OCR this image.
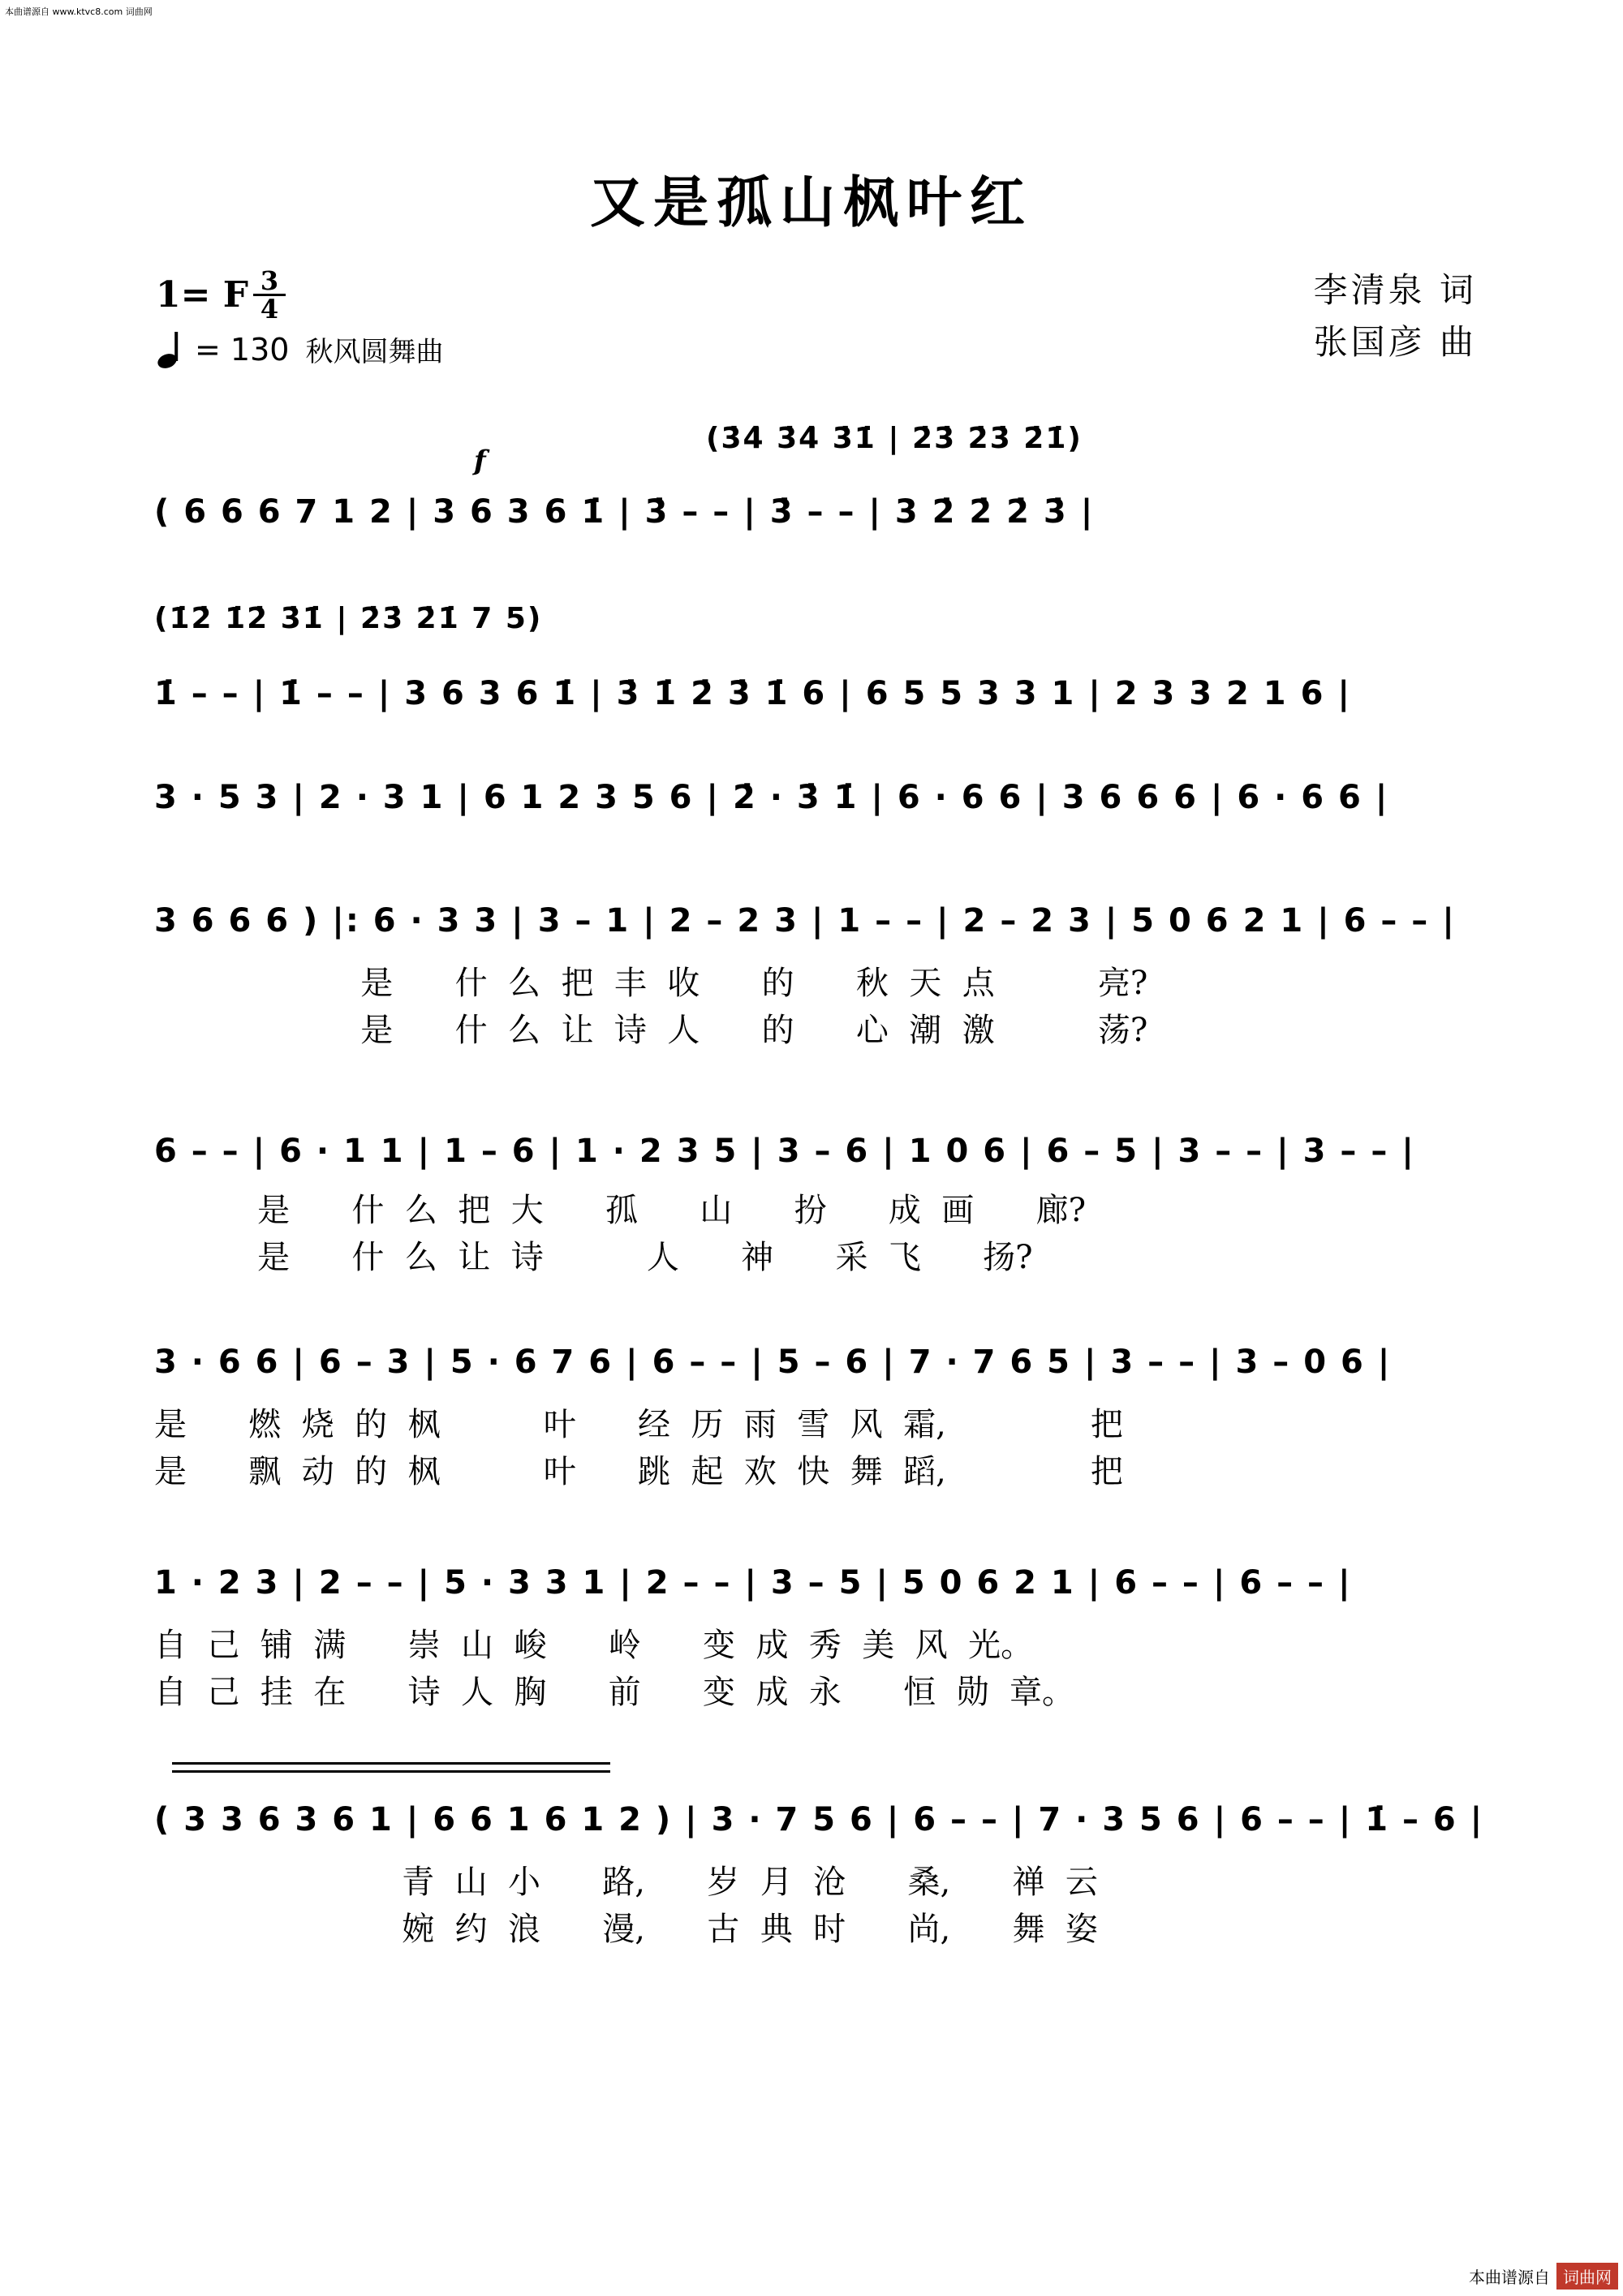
本曲谱源自 www.ktvc8.com 词曲网
又是孤山枫叶红
1= F $\frac{3}{4}$
= 130 秋风圆舞曲
李清泉 词
张国彦 曲
(3̇4̇ 3̇4̇ 3̇1̇ | 2̇3̇ 2̇3̇ 2̇1̇)
f
( 6 6 6 7 1 2 | 3 6 3 6 1̇ | 3̇ – – | 3̇ – – | 3 2̇ 2̇ 2̇ 3̇ |
(1̇2̇ 1̇2̇ 3̇1̇ | 2̇3̇ 2̇1̇ 7 5)
1̇ – – | 1̇ – – | 3 6 3 6 1̇ | 3̇ 1̇ 2̇ 3̇ 1̇ 6 | 6 5 5 3 3 1 | 2 3 3 2 1 6 |
3 · 5 3 | 2 · 3 1 | 6 1 2 3 5 6 | 2̇ · 3̇ 1̇ | 6 · 6 6 | 3 6 6 6 | 6 · 6 6 |
3 6 6 6 ) |: 6 · 3 3 | 3 – 1 | 2 – 2 3 | 1 – – | 2 – 2 3 | 5 0 6 2 1 | 6 – – |
是      什  么  把  丰  收      的      秋  天  点          亮?
是      什  么  让  诗  人      的      心  潮  激          荡?
6 – – | 6 · 1 1 | 1 – 6 | 1 · 2 3 5 | 3 – 6 | 1 0 6 | 6 – 5 | 3 – – | 3 – – |
是      什  么  把  大      孤      山      扮      成  画      廊?
是      什  么  让  诗          人      神      采  飞      扬?
3 · 6 6 | 6 – 3 | 5 · 6 7 6 | 6 – – | 5 – 6 | 7 · 7 6 5 | 3 – – | 3 – 0 6 |
是      燃  烧  的  枫          叶      经  历  雨  雪  风  霜,              把
是      飘  动  的  枫          叶      跳  起  欢  快  舞  蹈,              把
1 · 2 3 | 2 – – | 5 · 3 3 1 | 2 – – | 3 – 5 | 5 0 6 2 1 | 6 – – | 6 – – |
自  己  铺  满      崇  山  峻      岭      变  成  秀  美  风  光。
自  己  挂  在      诗  人  胸      前      变  成  永      恒  勋  章。
( 3 3 6 3 6 1 | 6 6 1 6 1 2 ) | 3 · 7 5 6 | 6 – – | 7 · 3 5 6 | 6 – – | 1̇ – 6 |
青  山  小      路,      岁  月  沧      桑,      禅  云
婉  约  浪      漫,      古  典  时      尚,      舞  姿
本曲谱源自 词曲网
